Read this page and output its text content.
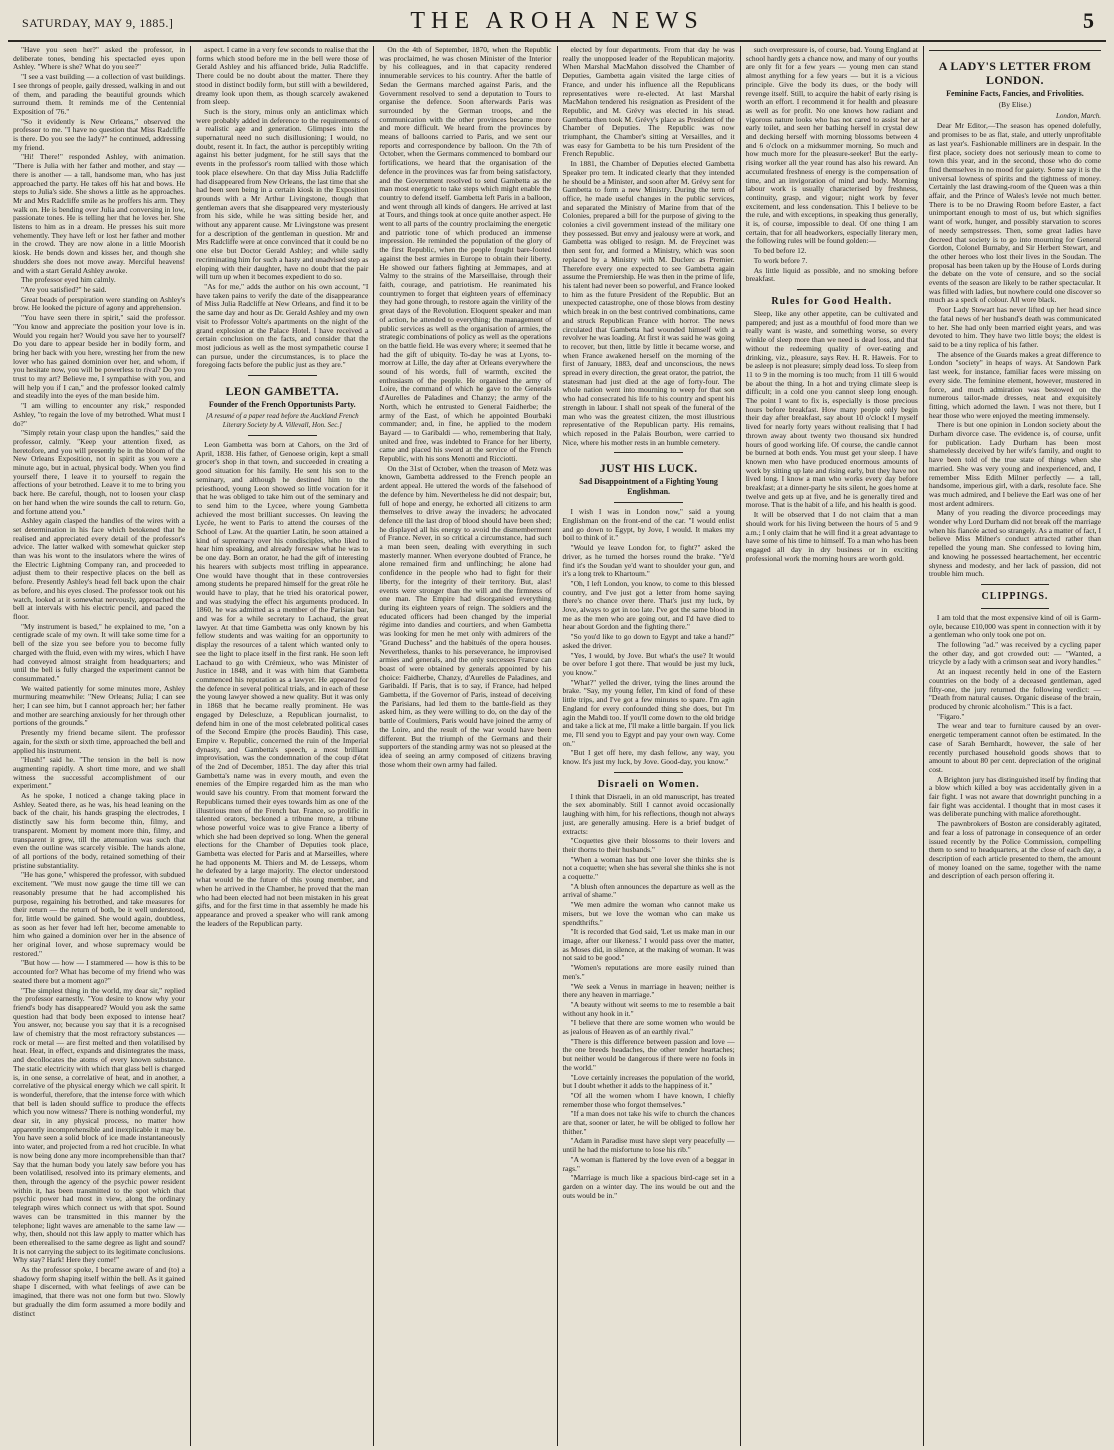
SATURDAY, MAY 9, 1885.]	THE AROHA NEWS	5

"Have you seen her?" asked the professor, in deliberate tones, bending his spectacled eyes upon Ashley. "Where is she? What do you see?"

"I see a vast building — a collection of vast buildings. I see throngs of people, gaily dressed, walking in and out of them, and parading the beautiful grounds which surround them. It reminds me of the Centennial Exposition of '76."

"So it evidently is New Orleans," observed the professor to me. "I have no question that Miss Radcliffe is there. Do you see the lady?" he continued, addressing my friend.

"Hi! There!" responded Ashley, with animation. "There is Julia with her father and mother, and stay — there is another — a tall, handsome man, who has just approached the party. He takes off his hat and bows. He steps to Julia's side. She shows a little as he approaches. Mr and Mrs Radcliffe smile as he proffers his arm. They walk on. He is bending over Julia and conversing in low, passionate tones. He is telling her that he loves her. She listens to him as in a dream. He presses his suit more vehemently. They have left or lost her father and mother in the crowd. They are now alone in a little Moorish kiosk. He bends down and kisses her, and though she shudders she does not move away. Merciful heavens! and with a start Gerald Ashley awoke.

The professor eyed him calmly.

"Are you satisfied?" he said.

Great beads of perspiration were standing on Ashley's brow. He looked the picture of agony and apprehension.

"You have seen there in spirit," said the professor. "You know and appreciate the position your love is in. Would you regain her? Would you save her to yourself? Do you dare to appear beside her in bodily form, and bring her back with you here, wresting her from the new lover who has gained dominion over her, and whom, if you hesitate now, you will be powerless to rival? Do you trust to my art? Believe me, I sympathise with you, and will help you if I can," and the professor looked calmly and steadily into the eyes of the man beside him.

"I am willing to encounter any risk," responded Ashley, "to regain the love of my betrothed. What must I do?"

"Simply retain your clasp upon the handles," said the professor, calmly. "Keep your attention fixed, as heretofore, and you will presently be in the bloom of the New Orleans Exposition, not in spirit as you were a minute ago, but in actual, physical body. When you find yourself there, I leave it to yourself to regain the affections of your betrothed. Leave it to me to bring you back here. Be careful, though, not to loosen your clasp on her hand when the wire sounds the call to return. Go, and fortune attend you."

Ashley again clasped the handles of the wires with a set determination in his face which betokened that he realised and appreciated every detail of the professor's advice. The latter walked with somewhat quicker step than was his wont to the insulators where the wires of the Electric Lightning Company ran, and proceeded to adjust them to their respective places on the bell as before. Presently Ashley's head fell back upon the chair as before, and his eyes closed. The professor took out his watch, looked at it somewhat nervously, approached the bell at intervals with his electric pencil, and paced the floor.

"My instrument is based," he explained to me, "on a centigrade scale of my own. It will take some time for a bell of the size you see before you to become fully charged with the fluid, even with my wires, which I have had conveyed almost straight from headquarters; and until the bell is fully charged the experiment cannot be consummated."

We waited patiently for some minutes more, Ashley murmuring meanwhile: "New Orleans; Julia; I can see her; I can see him, but I cannot approach her; her father and mother are searching anxiously for her through other portions of the grounds."

Presently my friend became silent. The professor again, for the sixth or sixth time, approached the bell and applied his instrument.

"Hush!" said he. "The tension in the bell is now augmenting rapidly. A short time more, and we shall witness the successful accomplishment of our experiment."

As he spoke, I noticed a change taking place in Ashley. Seated there, as he was, his head leaning on the back of the chair, his hands grasping the electrodes, I distinctly saw his form become thin, filmy, and transparent. Moment by moment more thin, filmy, and transparent it grew, till the attenuation was such that even the outline was scarcely visible. The hands alone, of all portions of the body, retained something of their pristine substantiality.

"He has gone," whispered the professor, with subdued excitement. "We must now gauge the time till we can reasonably presume that he had accomplished his purpose, regaining his betrothed, and take measures for their return — the return of both, be it well understood, for, little would be gained. She would again, doubtless, as soon as her fever had left her, become amenable to him who gained a dominion over her in the absence of her original lover, and whose supremacy would be restored."

"But how — how — I stammered — how is this to be accounted for? What has become of my friend who was seated there but a moment ago?"

"The simplest thing in the world, my dear sir," replied the professor earnestly. "You desire to know why your friend's body has disappeared? Would you ask the same question had that body been exposed to intense heat? You answer, no; because you say that it is a recognised law of chemistry that the most refractory substances — rock or metal — are first melted and then volatilised by heat. Heat, in effect, expands and disintegrates the mass, and decollocates the atoms of every known substance. The static electricity with which that glass bell is charged is, in one sense, a correlative of heat, and in another, a correlative of the physical energy which we call spirit. It is wonderful, therefore, that the intense force with which that bell is laden should suffice to produce the effects which you now witness? There is nothing wonderful, my dear sir, in any physical process, no matter how apparently incomprehensible and inexplicable it may be. You have seen a solid block of ice made instantaneously into water, and projected from a red hot crucible. In what is now being done any more incomprehensible than that? Say that the human body you lately saw before you has been volatilised, resolved into its primary elements, and then, through the agency of the psychic power resident within it, has been transmitted to the spot which that psychic power had most in view, along the ordinary telegraph wires which connect us with that spot. Sound waves can be transmitted in this manner by the telephone; light waves are amenable to the same law — why, then, should not this law apply to matter which has been etherealised to the same degree as light and sound? It is not carrying the subject to its legitimate conclusions. Why stay? Hark! Here they come!"

As the professor spoke, I became aware of and (to) a shadowy form shaping itself within the bell. As it gained shape I discerned, with what feelings of awe can be imagined, that there was not one form but two. Slowly but gradually the dim form assumed a more bodily and distinct

aspect. I came in a very few seconds to realise that the forms which stood before me in the bell were those of Gerald Ashley and his affianced bride, Julia Radcliffe. There could be no doubt about the matter. There they stood in distinct bodily form, but still with a bewildered, dreamy look upon them, as though scarcely awakened from sleep.

Such is the story, minus only an anticlimax which were probably added in deference to the requirements of a realistic age and generation. Glimpses into the supernatural need no such disillusioning; I would, no doubt, resent it. In fact, the author is perceptibly writing against his better judgment, for he still says that the events in the professor's room tallied with those which took place elsewhere. On that day Miss Julia Radcliffe had disappeared from New Orleans, the last time that she had been seen being in a certain kiosk in the Exposition grounds with a Mr Arthur Livingstone, though that gentleman avers that she disappeared very mysteriously from his side, while he was sitting beside her, and without any apparent cause. Mr Livingstone was present for a description of the gentleman in question. Mr and Mrs Radcliffe were at once convinced that it could be no one else but Doctor Gerald Ashley; and while sadly recriminating him for such a hasty and unadvised step as eloping with their daughter, have no doubt that the pair will turn up when it becomes expedient to do so.

"As for me," adds the author on his own account, "I have taken pains to verify the date of the disappearance of Miss Julia Radcliffe at New Orleans, and find it to be the same day and hour as Dr. Gerald Ashley and my own visit to Professor Volte's apartments on the night of the grand explosion at the Palace Hotel. I have received a certain conclusion on the facts, and consider that the most judicious as well as the most sympathetic course I can pursue, under the circumstances, is to place the foregoing facts before the public just as they are."

LEON GAMBETTA.
Founder of the French Opportunists Party.
[A resumé of a paper read before the Auckland French Literary Society by A. Villevall, Hon. Sec.]

Leon Gambetta was born at Cahors, on the 3rd of April, 1838. His father, of Genoese origin, kept a small grocer's shop in that town, and succeeded in creating a good situation for his family. He sent his son to the seminary, and although he destined him to the priesthood, young Leon showed so little vocation for it that he was obliged to take him out of the seminary and to send him to the Lycee, where young Gambetta achieved the most brilliant successes. On leaving the Lycée, he went to Paris to attend the courses of the School of Law. At the quartier Latin, he soon attained a kind of supremacy over his condisciples, who liked to hear him speaking, and already foresaw what he was to be one day. Born an orator, he had the gift of interesting his hearers with subjects most trifling in appearance. One would have thought that in these controversies among students he prepared himself for the great rôle he would have to play, that he tried his oratorical power, and was studying the effect his arguments produced. In 1860, he was admitted as a member of the Parisian bar, and was for a while secretary to Lachaud, the great lawyer. At that time Gambetta was only known by his fellow students and was waiting for an opportunity to display the resources of a talent which wanted only to see the light to place itself in the first rank. He soon left Lachaud to go with Crémieux, who was Minister of Justice in 1848, and it was with him that Gambetta commenced his reputation as a lawyer. He appeared for the defence in several political trials, and in each of these the young lawyer showed a new quality. But it was only in 1868 that he became really prominent. He was engaged by Delescluze, a Republican journalist, to defend him in one of the most celebrated political cases of the Second Empire (the procès Baudin). This case, Empire v. Republic, concerned the ruin of the Imperial dynasty, and Gambetta's speech, a most brilliant improvisation, was the condemnation of the coup d'état of the 2nd of December, 1851. The day after this trial Gambetta's name was in every mouth, and even the enemies of the Empire regarded him as the man who would save his country. From that moment forward the Republicans turned their eyes towards him as one of the illustrious men of the French bar. France, so prolific in talented orators, beckoned a tribune more, a tribune whose powerful voice was to give France a liberty of which she had been deprived so long. When the general elections for the Chamber of Deputies took place, Gambetta was elected for Paris and at Marseilles, where he had opponents M. Thiers and M. de Lesseps, whom he defeated by a large majority. The elector understood what would be the future of this young member, and when he arrived in the Chamber, he proved that the man who had been elected had not been mistaken in his great gifts, and for the first time in that assembly he made his appearance and proved a speaker who will rank among the leaders of the Republican party.

On the 4th of September, 1870, when the Republic was proclaimed, he was chosen Minister of the Interior by his colleagues, and in that capacity rendered innumerable services to his country. After the battle of Sedan the Germans marched against Paris, and the Government resolved to send a deputation to Tours to organise the defence. Soon afterwards Paris was surrounded by the German troops, and the communication with the other provinces became more and more difficult. We heard from the provinces by means of balloons carried to Paris, and we sent our reports and correspondence by balloon. On the 7th of October, when the Germans commenced to bombard our fortifications, we heard that the organisation of the defence in the provinces was far from being satisfactory, and the Government resolved to send Gambetta as the man most energetic to take steps which might enable the country to defend itself. Gambetta left Paris in a balloon, and went through all kinds of dangers. He arrived at last at Tours, and things took at once quite another aspect. He went to all parts of the country proclaiming the energetic and patriotic tone of which produced an immense impression. He reminded the population of the glory of the first Republic, when the people fought bare-footed against the best armies in Europe to obtain their liberty. He showed our fathers fighting at Jemmapes, and at Valmy to the strains of the Marseillaise, through their faith, courage, and patriotism. He reanimated his countrymen to forget that eighteen years of effeminacy they had gone through, to restore again the virility of the great days of the Revolution. Eloquent speaker and man of action, he attended to everything; the management of public services as well as the organisation of armies, the strategic combinations of policy as well as the operations on the battle field. He was every where; it seemed that he had the gift of ubiquity. To-day he was at Lyons, to-morrow at Lille, the day after at Orleans everywhere the sound of his words, full of warmth, excited the enthusiasm of the people. He organised the army of Loire, the command of which he gave to the Generals d'Aurelles de Paladines and Chanzy; the army of the North, which he entrusted to General Faidherbe; the army of the East, of which he appointed Bourbaki commander; and, in fine, he applied to the modern Bayard — to Garibaldi — who, remembering that Italy, united and free, was indebted to France for her liberty, came and placed his sword at the service of the French Republic, with his sons Menotti and Ricciotti.

On the 31st of October, when the treason of Metz was known, Gambetta addressed to the French people an ardent appeal. He uttered the words of the falsehood of the defence by him. Nevertheless he did not despair; but, full of hope and energy, he exhorted all citizens to arm themselves to drive away the invaders; he advocated defence till the last drop of blood should have been shed; he displayed all his energy to avoid the dismemberment of France. Never, in so critical a circumstance, had such a man been seen, dealing with everything in such masterly manner. When everyone doubted of France, he alone remained firm and unflinching; he alone had confidence in the people who had to fight for their liberty, for the integrity of their territory. But, alas! events were stronger than the will and the firmness of one man. The Empire had disorganised everything during its eighteen years of reign. The soldiers and the educated officers had been changed by the imperial régime into dandies and courtiers, and when Gambetta was looking for men he met only with admirers of the "Grand Duchess" and the habitués of the opera houses. Nevertheless, thanks to his perseverance, he improvised armies and generals, and the only successes France can boast of were obtained by generals appointed by his choice: Faidherbe, Chanzy, d'Aurelles de Paladines, and Garibaldi. If Paris, that is to say, if France, had helped Gambetta, if the Governor of Paris, instead of deceiving the Parisians, had led them to the battle-field as they asked him, as they were willing to do, on the day of the battle of Coulmiers, Paris would have joined the army of the Loire, and the result of the war would have been different. But the triumph of the Germans and their supporters of the standing army was not so pleased at the idea of seeing an army composed of citizens braving those whom their own army had failed.

elected by four departments. From that day he was really the unopposed leader of the Republican majority. When Marshal MacMahon dissolved the Chamber of Deputies, Gambetta again visited the large cities of France, and under his influence all the Republicans representatives were re-elected. At last Marshal MacMahon tendered his resignation as President of the Republic, and M. Grévy was elected in his stead. Gambetta then took M. Grévy's place as President of the Chamber of Deputies. The Republic was now triumphant, the Chamber's sitting at Versailles, and it was easy for Gambetta to be his turn President of the French Republic.

In 1881, the Chamber of Deputies elected Gambetta Speaker pro tem. It indicated clearly that they intended he should be a Minister, and soon after M. Grévy sent for Gambetta to form a new Ministry. During the term of office, he made useful changes in the public services, and separated the Ministry of Marine from that of the Colonies, prepared a bill for the purpose of giving to the colonies a civil government instead of the military one they possessed. But envy and jealousy were at work, and Gambetta was obliged to resign. M. de Freycinet was then sent for, and formed a Ministry, which was soon replaced by a Ministry with M. Duclerc as Premier. Therefore every one expected to see Gambetta again assume the Premiership. He was then in the prime of life, his talent had never been so powerful, and France looked to him as the future President of the Republic. But an unexpected catastrophe, one of those blows from destiny which break in on the best contrived combinations, came and struck Republican France with horror. The news circulated that Gambetta had wounded himself with a revolver he was loading. At first it was said he was going to recover, but then, little by little it became worse, and when France awakened herself on the morning of the first of January, 1883, deaf and unconscious, the news spread in every direction, the great orator, the patriot, the statesman had just died at the age of forty-four. The whole nation went into mourning to weep for that son who had consecrated his life to his country and spent his strength in labour. I shall not speak of the funeral of the man who was the greatest citizen, the most illustrious representative of the Republican party. His remains, which reposed in the Palais Bourbon, were carried to Nice, where his mother rests in an humble cemetery.

JUST HIS LUCK.
Sad Disappointment of a Fighting Young Englishman.

I wish I was in London now," said a young Englishman on the front-end of the car. "I would enlist and go down to Egypt, by Jove, I would. It makes my boil to think of it."

"Would ye leave London for, to fight?" asked the driver, as he turned the horses round the brake. "Ye'd find it's the Soudan ye'd want to shoulder your gun, and it's a long trek to Khartoum."

"Oh, I left London, you know, to come to this blessed country, and I've just got a letter from home saying there's no chance over there. That's just my luck, by Jove, always to get in too late. I've got the same blood in me as the men who are going out, and I'd have died to hear about Gordon and the fighting there."

"So you'd like to go down to Egypt and take a hand?" asked the driver.

"Yes, I would, by Jove. But what's the use? It would be over before I got there. That would be just my luck, you know."

"What?" yelled the driver, tying the lines around the brake. "Say, my young feller, I'm kind of fond of these little trips, and I've got a few minutes to spare. I'm agin England for every confounded thing she does, but I'm agin the Mahdi too. If you'll come down to the old bridge and take a lick at me, I'll make a little bargain. If you lick me, I'll send you to Egypt and pay your own way. Come on."

"But I get off here, my dash fellow, any way, you know. It's just my luck, by Jove. Good-day, you know."

Disraeli on Women.

I think that Disraeli, in an old manuscript, has treated the sex abominably. Still I cannot avoid occasionally laughing with him, for his reflections, though not always just, are generally amusing. Here is a brief budget of extracts:

"Coquettes give their blossoms to their lovers and their thorns to their husbands."

"When a woman has but one lover she thinks she is not a coquette; when she has several she thinks she is not a coquette."

"A blush often announces the departure as well as the arrival of shame."

"We men admire the woman who cannot make us misers, but we love the woman who can make us spendthrifts."

"It is recorded that God said, 'Let us make man in our image, after our likeness.' I would pass over the matter, as Moses did, in silence, at the making of woman. It was not said to be good."

"Women's reputations are more easily ruined than men's."

"We seek a Venus in marriage in heaven; neither is there any heaven in marriage."

"A beauty without wit seems to me to resemble a bait without any hook in it."

"I believe that there are some women who would be as jealous of Heaven as of an earthly rival."

"There is this difference between passion and love — the one breeds headaches, the other tender heartaches; but neither would be dangerous if there were no fools in the world."

"Love certainly increases the population of the world, but I doubt whether it adds to the happiness of it."

"Of all the women whom I have known, I chiefly remember those who forgot themselves."

"If a man does not take his wife to church the chances are that, sooner or later, he will be obliged to follow her thither."

"Adam in Paradise must have slept very peacefully — until he had the misfortune to lose his rib."

"A woman is flattered by the love even of a beggar in rags."

"Marriage is much like a spacious bird-cage set in a garden on a winter day. The ins would be out and the outs would be in."

such overpressure is, of course, bad. Young England at school hardly gets a chance now, and many of our youths are only fit for a few years — young men can stand almost anything for a few years — but it is a vicious principle. Give the body its dues, or the body will revenge itself. Still, to acquire the habit of early rising is worth an effort. I recommend it for health and pleasure as well as for profit. No one knows how radiant and vigorous nature looks who has not cared to assist her at early toilet, and seen her bathing herself in crystal dew and decking herself with morning blossoms between 4 and 6 o'clock on a midsummer morning. So much and how much more for the pleasure-seeker! But the early-rising worker all the year round has also his reward. An accumulated freshness of energy is the compensation of time, and an invigoration of mind and body. Morning labour work is usually characterised by freshness, continuity, grasp, and vigour; night work by fever excitement, and less condensation. This I believe to be the rule, and with exceptions, in speaking thus generally, it is, of course, impossible to deal. Of one thing I am certain, that for all headworkers, especially literary men, the following rules will be found golden:—

To bed before 12.

To work before 7.

As little liquid as possible, and no smoking before breakfast.

Rules for Good Health.

Sleep, like any other appetite, can be cultivated and pampered; and just as a mouthful of food more than we really want is waste, and something worse, so every winkle of sleep more than we need is dead loss, and that without the redeeming quality of over-eating and drinking, viz., pleasure, says Rev. H. R. Haweis. For to be asleep is not pleasure; simply dead loss. To sleep from 11 to 9 in the morning is too much; from 11 till 6 would be about the thing. In a hot and trying climate sleep is difficult; in a cold one you cannot sleep long enough. The point I want to fix is, especially is those precious hours before breakfast. How many people only begin their day after breakfast, say about 10 o'clock! I myself lived for nearly forty years without realising that I had thrown away about twenty two thousand six hundred hours of good working life. Of course, the candle cannot be burned at both ends. You must get your sleep. I have known men who have produced enormous amounts of work by sitting up late and rising early, but they have not lived long. I know a man who works every day before breakfast; at a dinner-party he sits silent, he goes home at twelve and gets up at five, and he is generally tired and morose. That is the habit of a life, and his health is good.

It will be observed that I do not claim that a man should work for his living between the hours of 5 and 9 a.m.; I only claim that he will find it a great advantage to have some of his time to himself. To a man who has been engaged all day in dry business or in exciting professional work the morning hours are worth gold.

A LADY'S LETTER FROM LONDON.
Feminine Facts, Fancies, and Frivolities.
(By Elise.)
London, March.

Dear Mr Editor,—The season has opened dolefully, and promises to be as flat, stale, and utterly unprofitable as last year's. Fashionable milliners are in despair. In the first place, society does not seriously mean to come to town this year, and in the second, those who do come find themselves in no mood for gaiety. Some say it is the universal lowness of spirits and the tightness of money. Certainly the last drawing-room of the Queen was a thin affair, and the Prince of Wales's levée not much better. There is to be no Drawing Room before Easter, a fact unimportant enough to most of us, but which signifies want of work, hunger, and possibly starvation to scores of needy sempstresses. Then, some great ladies have decreed that society is to go into mourning for General Gordon, Colonel Burnaby, and Sir Herbert Stewart, and the other heroes who lost their lives in the Soudan. The proposal has been taken up by the House of Lords during the debate on the vote of censure, and so the social events of the season are likely to be rather spectacular. It was filled with ladies, but nowhere could one discover so much as a speck of colour. All wore black.

Poor Lady Stewart has never lifted up her head since the fatal news of her husband's death was communicated to her. She had only been married eight years, and was devoted to him. They have two little boys; the eldest is said to be a tiny replica of his father.

The absence of the Guards makes a great difference to London "society" in heaps of ways. At Sandown Park last week, for instance, familiar faces were missing on every side. The feminine element, however, mustered in force, and much admiration was bestowed on the numerous tailor-made dresses, neat and exquisitely fitting, which adorned the lawn. I was not there, but I hear those who were enjoyed the meeting immensely.

There is but one opinion in London society about the Durham divorce case. The evidence is, of course, unfit for publication. Lady Durham has been most shamelessly deceived by her wife's family, and ought to have been told of the true state of things when she married. She was very young and inexperienced, and, I remember Miss Edith Milner perfectly — a tall, handsome, imperious girl, with a dark, resolute face. She was much admired, and I believe the Earl was one of her most ardent admirers.

Many of you reading the divorce proceedings may wonder why Lord Durham did not break off the marriage when his fiancée acted so strangely. As a matter of fact, I believe Miss Milner's conduct attracted rather than repelled the young man. She confessed to loving him, and knowing he possessed heartachement, her eccentric shyness and modesty, and her lack of passion, did not trouble him much.

CLIPPINGS.

I am told that the most expensive kind of oil is Garm-oyle, because £10,000 was spent in connection with it by a gentleman who only took one pot on.

The following "ad." was received by a cycling paper the other day, and got crowded out: — "Wanted, a tricycle by a lady with a crimson seat and ivory handles."

At an inquest recently held in one of the Eastern countries on the body of a deceased gentleman, aged fifty-one, the jury returned the following verdict: — "Death from natural causes. Organic disease of the brain, produced by chronic alcoholism." This is a fact.

"Figaro."

The wear and tear to furniture caused by an over-energetic temperament cannot often be estimated. In the case of Sarah Bernhardt, however, the sale of her recently purchased household goods shows that to amount to about 80 per cent. depreciation of the original cost.

A Brighton jury has distinguished itself by finding that a blow which killed a boy was accidentally given in a fair fight. I was not aware that downright punching in a fair fight was accidental. I thought that in most cases it was deliberate punching with malice aforethought.

The pawnbrokers of Boston are considerably agitated, and fear a loss of patronage in consequence of an order issued recently by the Police Commission, compelling them to send to headquarters, at the close of each day, a description of each article presented to them, the amount of money loaned on the same, together with the name and description of each person offering it.
